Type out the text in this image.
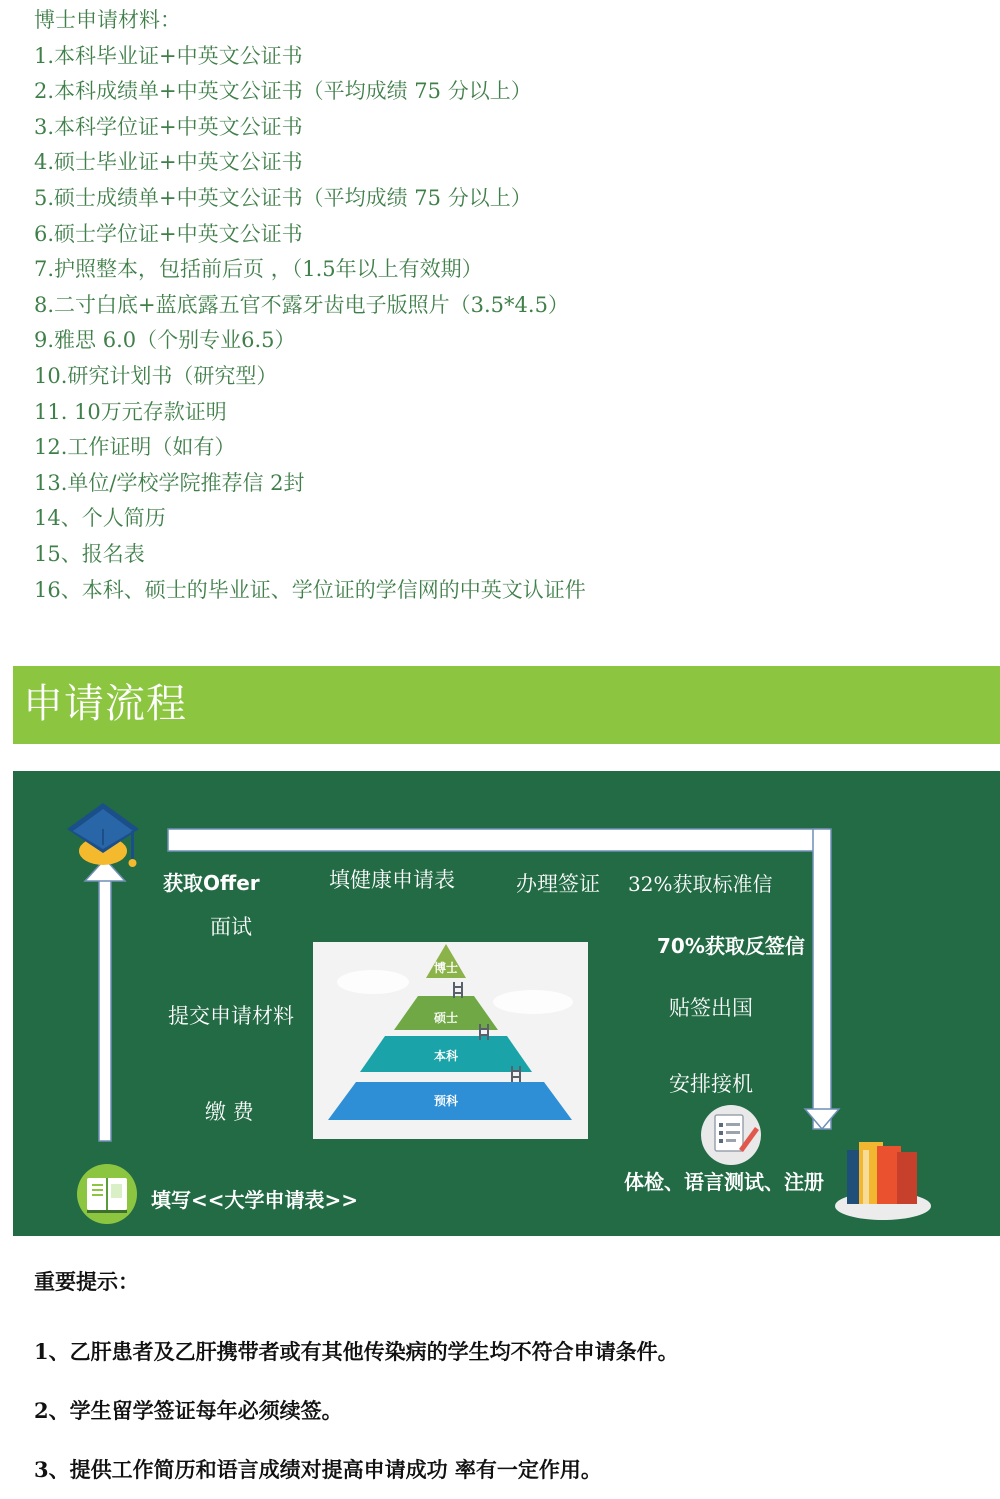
博士申请材料：
1.本科毕业证+中英文公证书
2.本科成绩单+中英文公证书（平均成绩 75 分以上）
3.本科学位证+中英文公证书
4.硕士毕业证+中英文公证书
5.硕士成绩单+中英文公证书（平均成绩 75 分以上）
6.硕士学位证+中英文公证书
7.护照整本，包括前后页 ，（1.5年以上有效期）
8.二寸白底+蓝底露五官不露牙齿电子版照片（3.5*4.5）
9.雅思 6.0（个别专业6.5）
10.研究计划书（研究型）
11. 10万元存款证明
12.工作证明（如有）
13.单位/学校学院推荐信 2封
14、个人简历
15、报名表
16、本科、硕士的毕业证、学位证的学信网的中英文认证件
申请流程
获取Offer	填健康申请表	办理签证 32%获取标准信
面试
70%获取反签信
提交申请材料	贴签出国
缴 费
安排接机
填写<<大学申请表>>
体检、语言测试、注册
博士
硕士
本科
预科
重要提示：
1、乙肝患者及乙肝携带者或有其他传染病的学生均不符合申请条件。
2、学生留学签证每年必须续签。
3、提供工作简历和语言成绩对提高申请成功 率有一定作用。
